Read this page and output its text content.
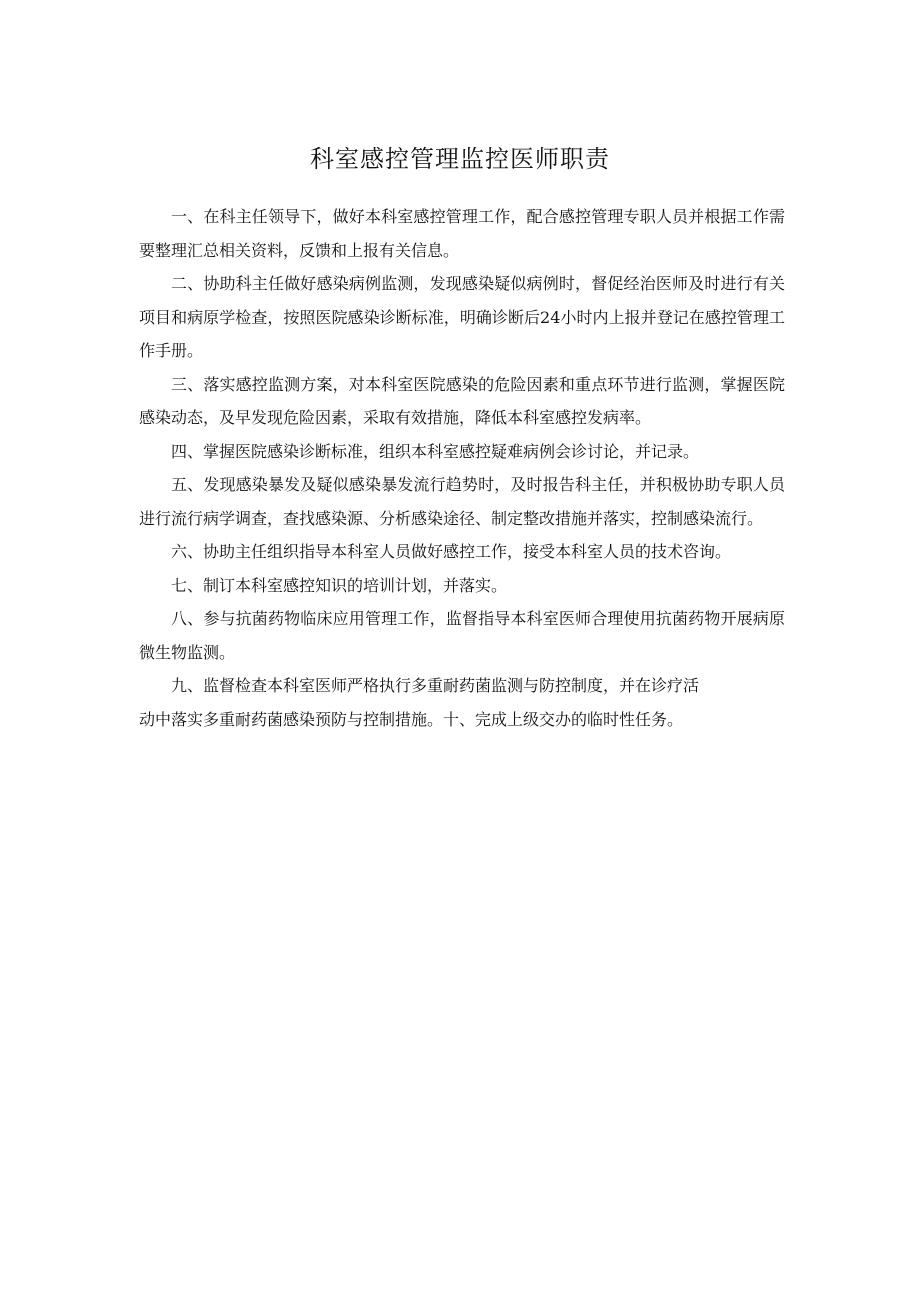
科室感控管理监控医师职责

一、在科主任领导下，做好本科室感控管理工作，配合感控管理专职人员并根据工作需要整理汇总相关资料，反馈和上报有关信息。

二、协助科主任做好感染病例监测，发现感染疑似病例时，督促经治医师及时进行有关项目和病原学检查，按照医院感染诊断标准，明确诊断后24小时内上报并登记在感控管理工作手册。

三、落实感控监测方案，对本科室医院感染的危险因素和重点环节进行监测，掌握医院感染动态，及早发现危险因素，采取有效措施，降低本科室感控发病率。

四、掌握医院感染诊断标准，组织本科室感控疑难病例会诊讨论，并记录。

五、发现感染暴发及疑似感染暴发流行趋势时，及时报告科主任，并积极协助专职人员进行流行病学调查，查找感染源、分析感染途径、制定整改措施并落实，控制感染流行。

六、协助主任组织指导本科室人员做好感控工作，接受本科室人员的技术咨询。

七、制订本科室感控知识的培训计划，并落实。

八、参与抗菌药物临床应用管理工作，监督指导本科室医师合理使用抗菌药物开展病原微生物监测。

九、监督检查本科室医师严格执行多重耐药菌监测与防控制度，并在诊疗活

动中落实多重耐药菌感染预防与控制措施。十、完成上级交办的临时性任务。
